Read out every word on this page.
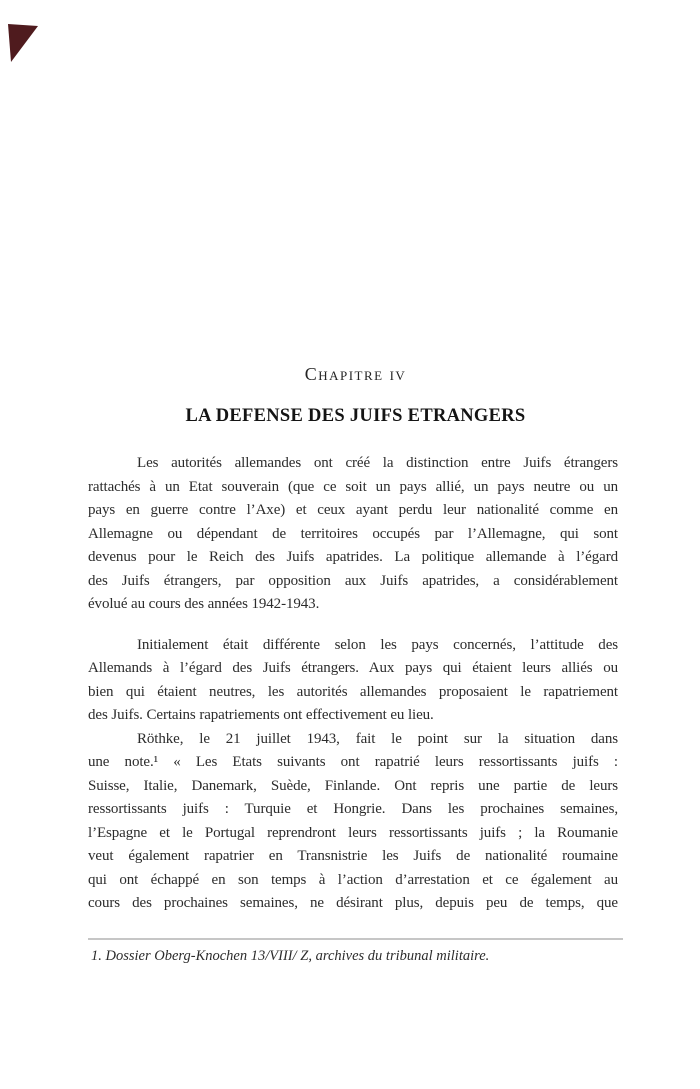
Chapitre iv
LA DEFENSE DES JUIFS ETRANGERS
Les autorités allemandes ont créé la distinction entre Juifs étrangers
rattachés à un Etat souverain (que ce soit un pays allié, un pays neutre ou un
pays en guerre contre l’Axe) et ceux ayant perdu leur nationalité comme en
Allemagne ou dépendant de territoires occupés par l’Allemagne, qui sont
devenus pour le Reich des Juifs apatrides. La politique allemande à l’égard
des Juifs étrangers, par opposition aux Juifs apatrides, a considérablement
évolué au cours des années 1942-1943.
Initialement était différente selon les pays concernés, l’attitude des
Allemands à l’égard des Juifs étrangers. Aux pays qui étaient leurs alliés ou
bien qui étaient neutres, les autorités allemandes proposaient le rapatriement
des Juifs. Certains rapatriements ont effectivement eu lieu.
Röthke, le 21 juillet 1943, fait le point sur la situation dans
une note.¹ « Les Etats suivants ont rapatrié leurs ressortissants juifs :
Suisse, Italie, Danemark, Suède, Finlande. Ont repris une partie de leurs
ressortissants juifs : Turquie et Hongrie. Dans les prochaines semaines,
l’Espagne et le Portugal reprendront leurs ressortissants juifs ; la Roumanie
veut également rapatrier en Transnistrie les Juifs de nationalité roumaine
qui ont échappé en son temps à l’action d’arrestation et ce également au
cours des prochaines semaines, ne désirant plus, depuis peu de temps, que
1. Dossier Oberg-Knochen 13/VIII/ Z, archives du tribunal militaire.
